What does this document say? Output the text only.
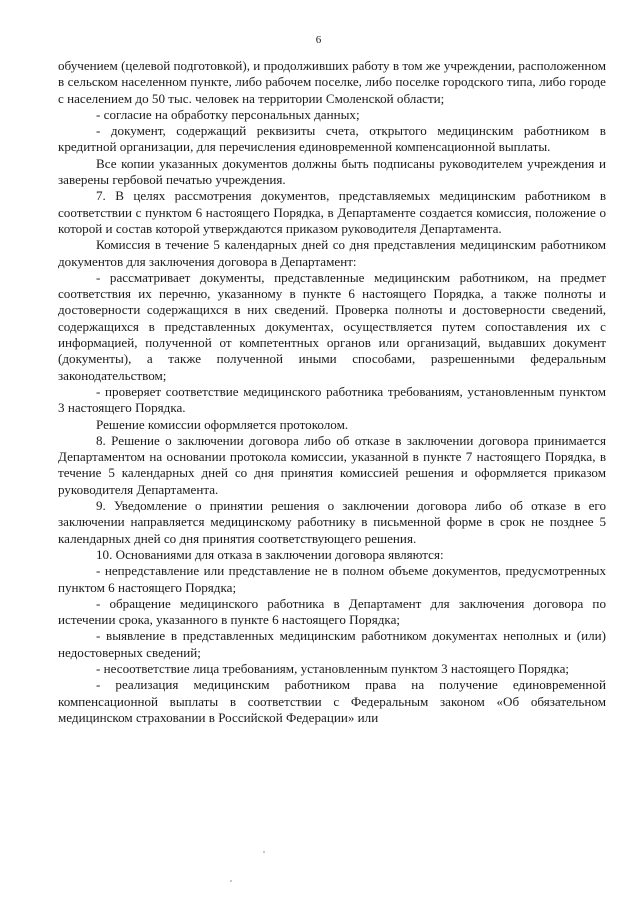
6

обучением (целевой подготовкой), и продолживших работу в том же учреждении, расположенном в сельском населенном пункте, либо рабочем поселке, либо поселке городского типа, либо городе с населением до 50 тыс. человек на территории Смоленской области;

- согласие на обработку персональных данных;

- документ, содержащий реквизиты счета, открытого медицинским работником в кредитной организации, для перечисления единовременной компенсационной выплаты.

Все копии указанных документов должны быть подписаны руководителем учреждения и заверены гербовой печатью учреждения.

7. В целях рассмотрения документов, представляемых медицинским работником в соответствии с пунктом 6 настоящего Порядка, в Департаменте создается комиссия, положение о которой и состав которой утверждаются приказом руководителя Департамента.

Комиссия в течение 5 календарных дней со дня представления медицинским работником документов для заключения договора в Департамент:

- рассматривает документы, представленные медицинским работником, на предмет соответствия их перечню, указанному в пункте 6 настоящего Порядка, а также полноты и достоверности содержащихся в них сведений. Проверка полноты и достоверности сведений, содержащихся в представленных документах, осуществляется путем сопоставления их с информацией, полученной от компетентных органов или организаций, выдавших документ (документы), а также полученной иными способами, разрешенными федеральным законодательством;

- проверяет соответствие медицинского работника требованиям, установленным пунктом 3 настоящего Порядка.

Решение комиссии оформляется протоколом.

8. Решение о заключении договора либо об отказе в заключении договора принимается Департаментом на основании протокола комиссии, указанной в пункте 7 настоящего Порядка, в течение 5 календарных дней со дня принятия комиссией решения и оформляется приказом руководителя Департамента.

9. Уведомление о принятии решения о заключении договора либо об отказе в его заключении направляется медицинскому работнику в письменной форме в срок не позднее 5 календарных дней со дня принятия соответствующего решения.

10. Основаниями для отказа в заключении договора являются:

- непредставление или представление не в полном объеме документов, предусмотренных пунктом 6 настоящего Порядка;

- обращение медицинского работника в Департамент для заключения договора по истечении срока, указанного в пункте 6 настоящего Порядка;

- выявление в представленных медицинским работником документах неполных и (или) недостоверных сведений;

- несоответствие лица требованиям, установленным пунктом 3 настоящего Порядка;

- реализация медицинским работником права на получение единовременной компенсационной выплаты в соответствии с Федеральным законом «Об обязательном медицинском страховании в Российской Федерации» или
